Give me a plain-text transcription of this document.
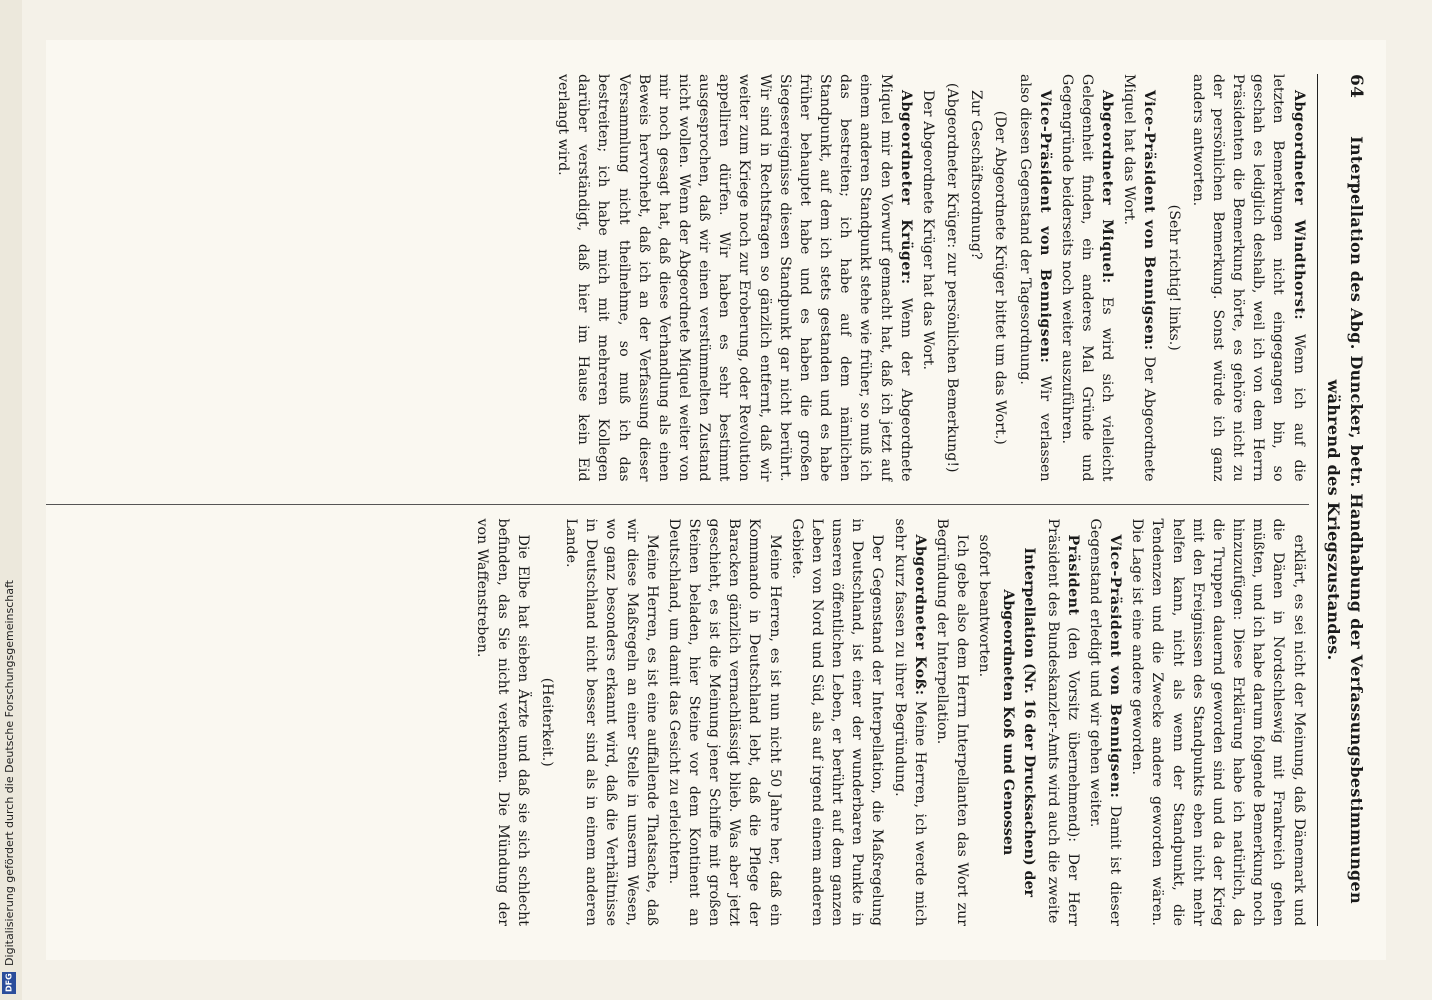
DFG
Digitalisierung gefördert durch die Deutsche Forschungsgemeinschaft
64
Interpellation des Abg. Duncker, betr. Handhabung der Verfassungsbestimmungen während des Kriegszustandes.

Abgeordneter Windthorst: Wenn ich auf die letzten Bemerkungen nicht eingegangen bin, so geschah es lediglich deshalb, weil ich von dem Herrn Präsidenten die Bemerkung hörte, es gehöre nicht zu der persönlichen Bemerkung. Sonst würde ich ganz anders antworten.

(Sehr richtig! links.)

Vice-Präsident von Bennigsen: Der Abgeordnete Miquel hat das Wort.

Abgeordneter Miquel: Es wird sich vielleicht Gelegenheit finden, ein anderes Mal Gründe und Gegengründe beiderseits noch weiter auszuführen.

Vice-Präsident von Bennigsen: Wir verlassen also diesen Gegenstand der Tagesordnung.

(Der Abgeordnete Krüger bittet um das Wort.)

Zur Geschäftsordnung?

(Abgeordneter Krüger: zur persönlichen Bemerkung!)

Der Abgeordnete Krüger hat das Wort.

Abgeordneter Krüger: Wenn der Abgeordnete Miquel mir den Vorwurf gemacht hat, daß ich jetzt auf einem anderen Standpunkt stehe wie früher, so muß ich das bestreiten; ich habe auf dem nämlichen Standpunkt, auf dem ich stets gestanden und es habe früher behauptet habe und es haben die großen Siegesereignisse diesen Standpunkt gar nicht berührt. Wir sind in Rechtsfragen so gänzlich entfernt, daß wir weiter zum Kriege noch zur Eroberung, oder Revolution appelliren dürfen. Wir haben es sehr bestimmt ausgesprochen, daß wir einen verstümmelten Zustand nicht wollen. Wenn der Abgeordnete Miquel weiter von mir noch gesagt hat, daß diese Verhandlung als einen Beweis hervorhebt, daß ich an der Verfassung dieser Versammlung nicht theilnehme, so muß ich das bestreiten; ich habe mich mit mehreren Kollegen darüber verständigt, daß hier im Hause kein Eid verlangt wird.

erklärt, es sei nicht der Meinung, daß Dänemark und die Dänen in Nordschleswig mit Frankreich gehen müßten, und ich habe darum folgende Bemerkung noch hinzuzufügen: Diese Erklärung habe ich natürlich, da die Truppen dauernd geworden sind und da der Krieg mit den Ereignissen des Standpunkts eben nicht mehr helfen kann, nicht als wenn der Standpunkt, die Tendenzen und die Zwecke andere geworden wären. Die Lage ist eine andere geworden.

Vice-Präsident von Bennigsen: Damit ist dieser Gegenstand erledigt und wir gehen weiter.

Präsident (den Vorsitz übernehmend): Der Herr Präsident des Bundeskanzler-Amts wird auch die zweite

Interpellation (Nr. 16 der Drucksachen) der Abgeordneten Koß und Genossen

sofort beantworten.

Ich gebe also dem Herrn Interpellanten das Wort zur Begründung der Interpellation.

Abgeordneter Koß: Meine Herren, ich werde mich sehr kurz fassen zu ihrer Begründung.

Der Gegenstand der Interpellation, die Maßregelung in Deutschland, ist einer der wunderbaren Punkte in unseren öffentlichen Leben, er berührt auf dem ganzen Leben von Nord und Süd, als auf irgend einem anderen Gebiete.

Meine Herren, es ist nun nicht 50 Jahre her, daß ein Kommando in Deutschland lebt, daß die Pflege der Baracken gänzlich vernachlässigt blieb. Was aber jetzt geschieht, es ist die Meinung jener Schiffe mit großen Steinen beladen, hier Steine vor dem Kontinent an Deutschland, um damit das Gesicht zu erleichtern.

Meine Herren, es ist eine auffallende Thatsache, daß wir diese Maßregeln an einer Stelle in unserm Wesen, wo ganz besonders erkannt wird, daß die Verhältnisse in Deutschland nicht besser sind als in einem anderen Lande.

(Heiterkeit.)

Die Elbe hat sieben Ärzte und daß sie sich schlecht befinden, das Sie nicht verkennen. Die Mündung der von Waffenstreben.
